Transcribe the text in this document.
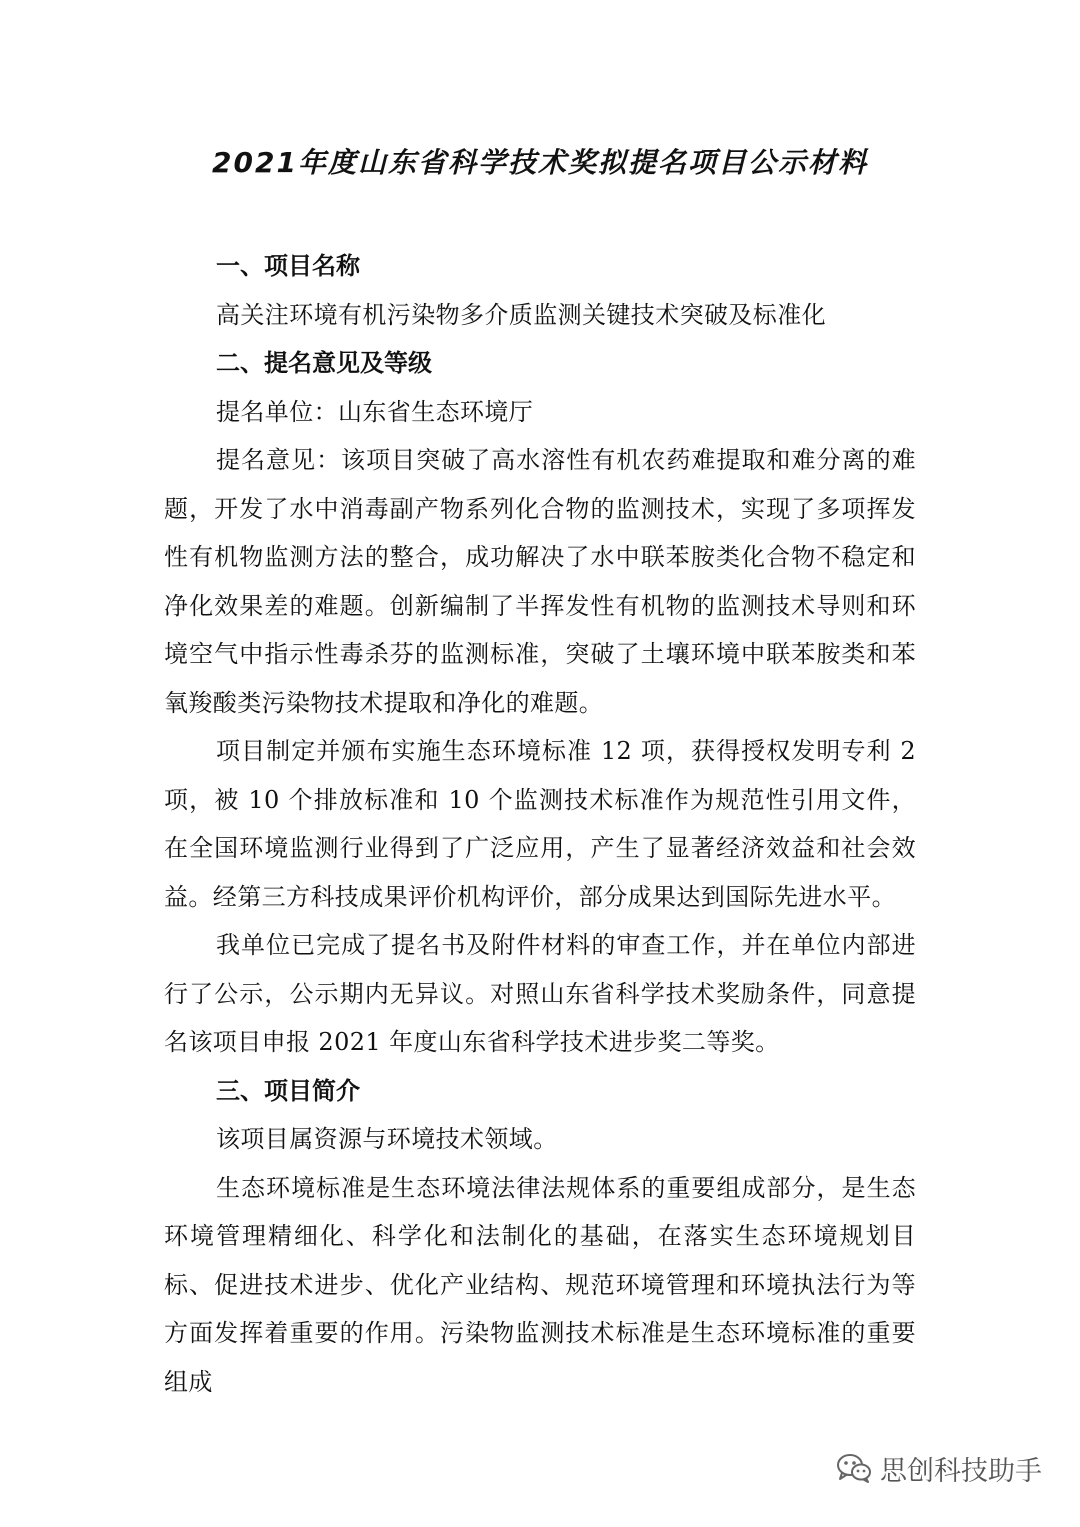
2021年度山东省科学技术奖拟提名项目公示材料

一、项目名称

高关注环境有机污染物多介质监测关键技术突破及标准化

二、提名意见及等级

提名单位：山东省生态环境厅

提名意见：该项目突破了高水溶性有机农药难提取和难分离的难题，开发了水中消毒副产物系列化合物的监测技术，实现了多项挥发性有机物监测方法的整合，成功解决了水中联苯胺类化合物不稳定和净化效果差的难题。创新编制了半挥发性有机物的监测技术导则和环境空气中指示性毒杀芬的监测标准，突破了土壤环境中联苯胺类和苯氧羧酸类污染物技术提取和净化的难题。

项目制定并颁布实施生态环境标准 12 项，获得授权发明专利 2 项，被 10 个排放标准和 10 个监测技术标准作为规范性引用文件，在全国环境监测行业得到了广泛应用，产生了显著经济效益和社会效益。经第三方科技成果评价机构评价，部分成果达到国际先进水平。

我单位已完成了提名书及附件材料的审查工作，并在单位内部进行了公示，公示期内无异议。对照山东省科学技术奖励条件，同意提名该项目申报 2021 年度山东省科学技术进步奖二等奖。

三、项目简介

该项目属资源与环境技术领域。

生态环境标准是生态环境法律法规体系的重要组成部分，是生态环境管理精细化、科学化和法制化的基础，在落实生态环境规划目标、促进技术进步、优化产业结构、规范环境管理和环境执法行为等方面发挥着重要的作用。污染物监测技术标准是生态环境标准的重要组成

思创科技助手
